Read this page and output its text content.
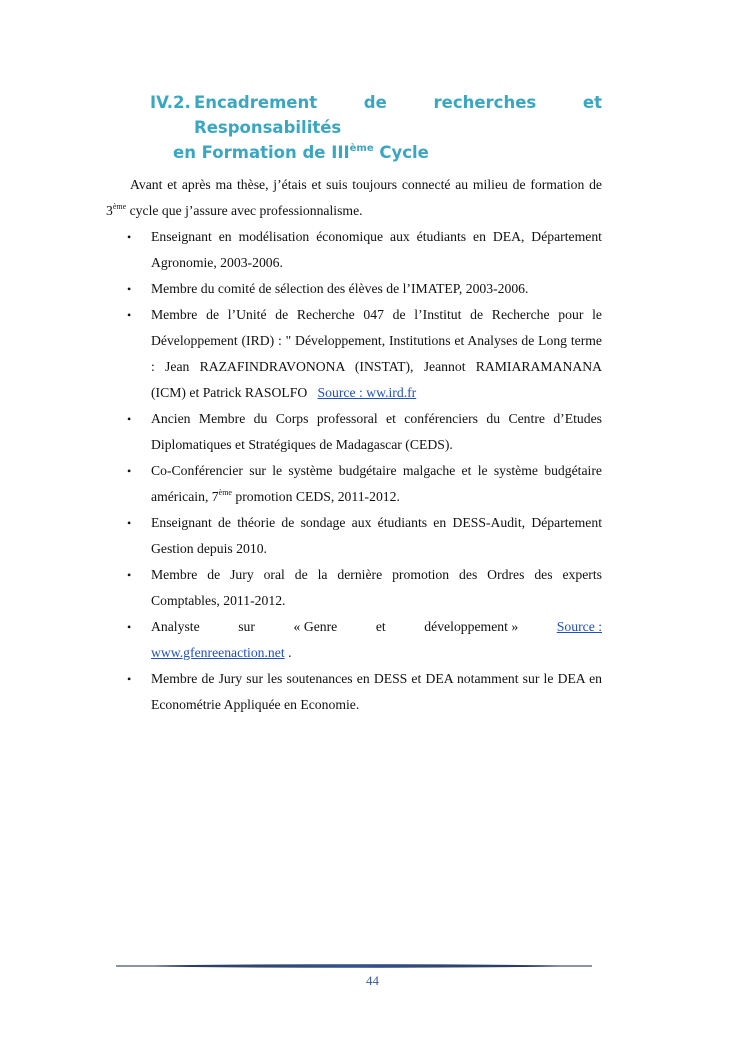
IV.2. Encadrement de recherches et Responsabilités
en Formation de IIIème Cycle

Avant et après ma thèse, j’étais et suis toujours connecté au milieu de formation de 3ème cycle que j’assure avec professionnalisme.

• Enseignant en modélisation économique aux étudiants en DEA, Département Agronomie, 2003-2006.
• Membre du comité de sélection des élèves de l’IMATEP, 2003-2006.
• Membre de l’Unité de Recherche 047 de l’Institut de Recherche pour le Développement (IRD) : " Développement, Institutions et Analyses de Long terme : Jean RAZAFINDRAVONONA (INSTAT), Jeannot RAMIARAMANANA (ICM) et Patrick RASOLFO Source : ww.ird.fr
• Ancien Membre du Corps professoral et conférenciers du Centre d’Etudes Diplomatiques et Stratégiques de Madagascar (CEDS).
• Co-Conférencier sur le système budgétaire malgache et le système budgétaire américain, 7ème promotion CEDS, 2011-2012.
• Enseignant de théorie de sondage aux étudiants en DESS-Audit, Département Gestion depuis 2010.
• Membre de Jury oral de la dernière promotion des Ordres des experts Comptables, 2011-2012.
• Analyste	sur	« Genre	et	développement »	Source :
www.gfenreenaction.net .
• Membre de Jury sur les soutenances en DESS et DEA notamment sur le DEA en Econométrie Appliquée en Economie.
44
